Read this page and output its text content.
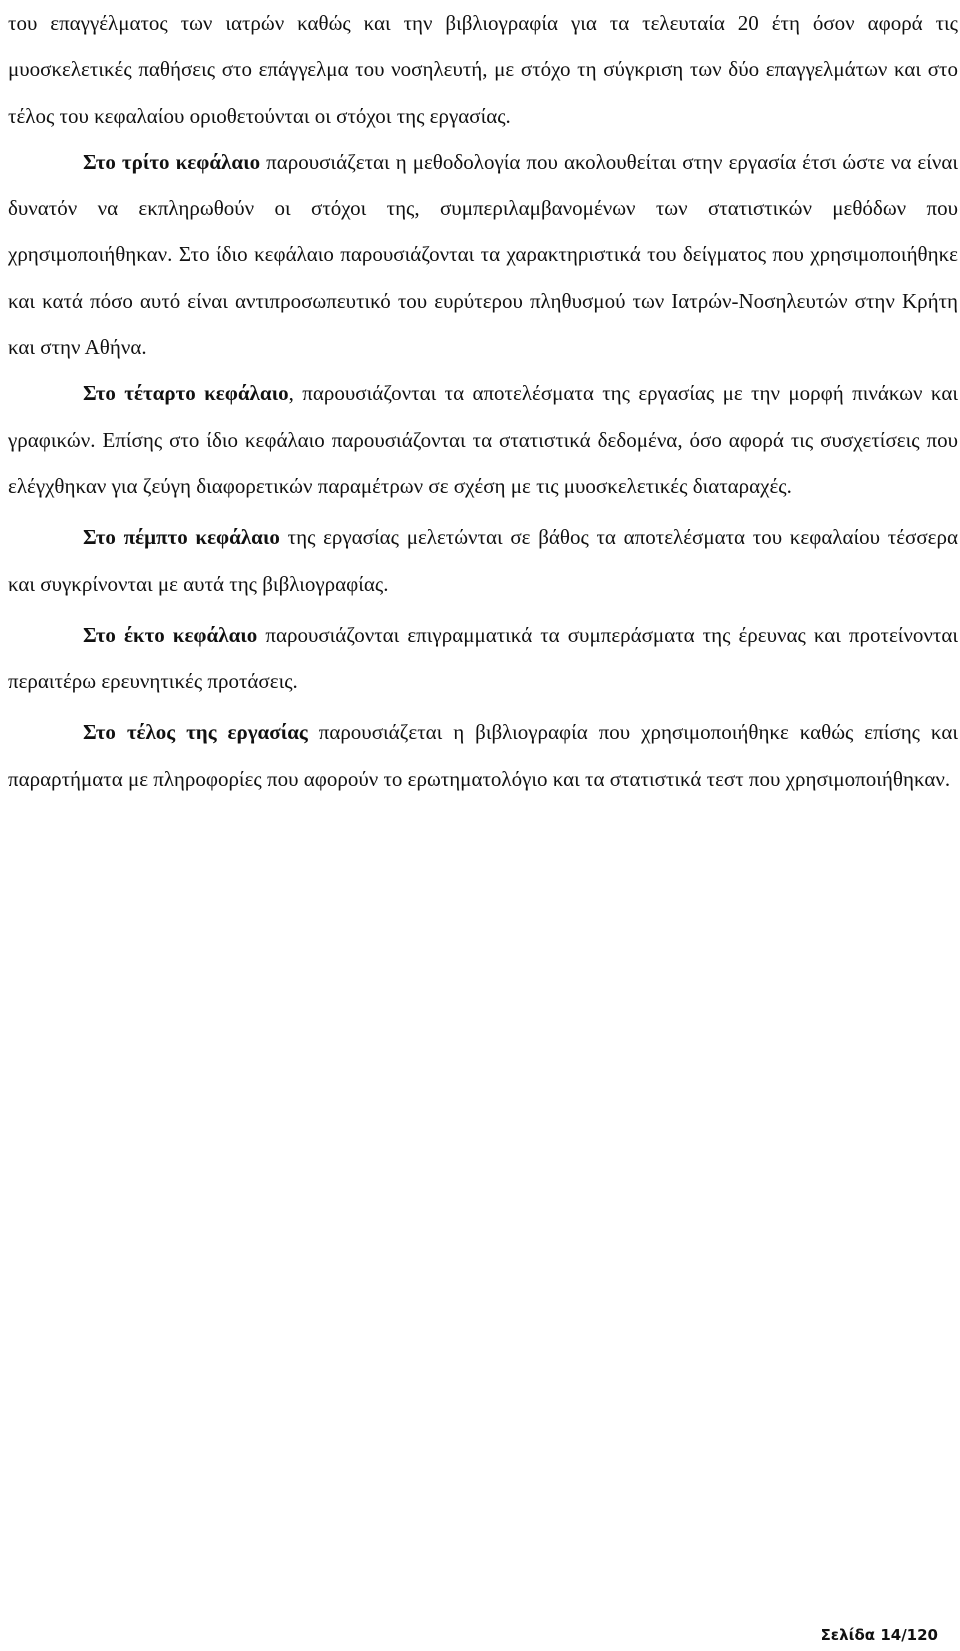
του επαγγέλματος των ιατρών καθώς και την βιβλιογραφία για τα τελευταία 20 έτη όσον αφορά τις μυοσκελετικές παθήσεις στο επάγγελμα του νοσηλευτή, με στόχο τη σύγκριση των δύο επαγγελμάτων και στο τέλος του κεφαλαίου οριοθετούνται οι στόχοι της εργασίας.

Στο τρίτο κεφάλαιο παρουσιάζεται η μεθοδολογία που ακολουθείται στην εργασία έτσι ώστε να είναι δυνατόν να εκπληρωθούν οι στόχοι της, συμπεριλαμβανομένων των στατιστικών μεθόδων που χρησιμοποιήθηκαν. Στο ίδιο κεφάλαιο παρουσιάζονται τα χαρακτηριστικά του δείγματος που χρησιμοποιήθηκε και κατά πόσο αυτό είναι αντιπροσωπευτικό του ευρύτερου πληθυσμού των Ιατρών-Νοσηλευτών στην Κρήτη και στην Αθήνα.

Στο τέταρτο κεφάλαιο, παρουσιάζονται τα αποτελέσματα της εργασίας με την μορφή πινάκων και γραφικών. Επίσης στο ίδιο κεφάλαιο παρουσιάζονται τα στατιστικά δεδομένα, όσο αφορά τις συσχετίσεις που ελέγχθηκαν για ζεύγη διαφορετικών παραμέτρων σε σχέση με τις μυοσκελετικές διαταραχές.

Στο πέμπτο κεφάλαιο της εργασίας μελετώνται σε βάθος τα αποτελέσματα του κεφαλαίου τέσσερα και συγκρίνονται με αυτά της βιβλιογραφίας.

Στο έκτο κεφάλαιο παρουσιάζονται επιγραμματικά τα συμπεράσματα της έρευνας και προτείνονται περαιτέρω ερευνητικές προτάσεις.

Στο τέλος της εργασίας παρουσιάζεται η βιβλιογραφία που χρησιμοποιήθηκε καθώς επίσης και παραρτήματα με πληροφορίες που αφορούν το ερωτηματολόγιο και τα στατιστικά τεστ που χρησιμοποιήθηκαν.

Σελίδα 14/120
